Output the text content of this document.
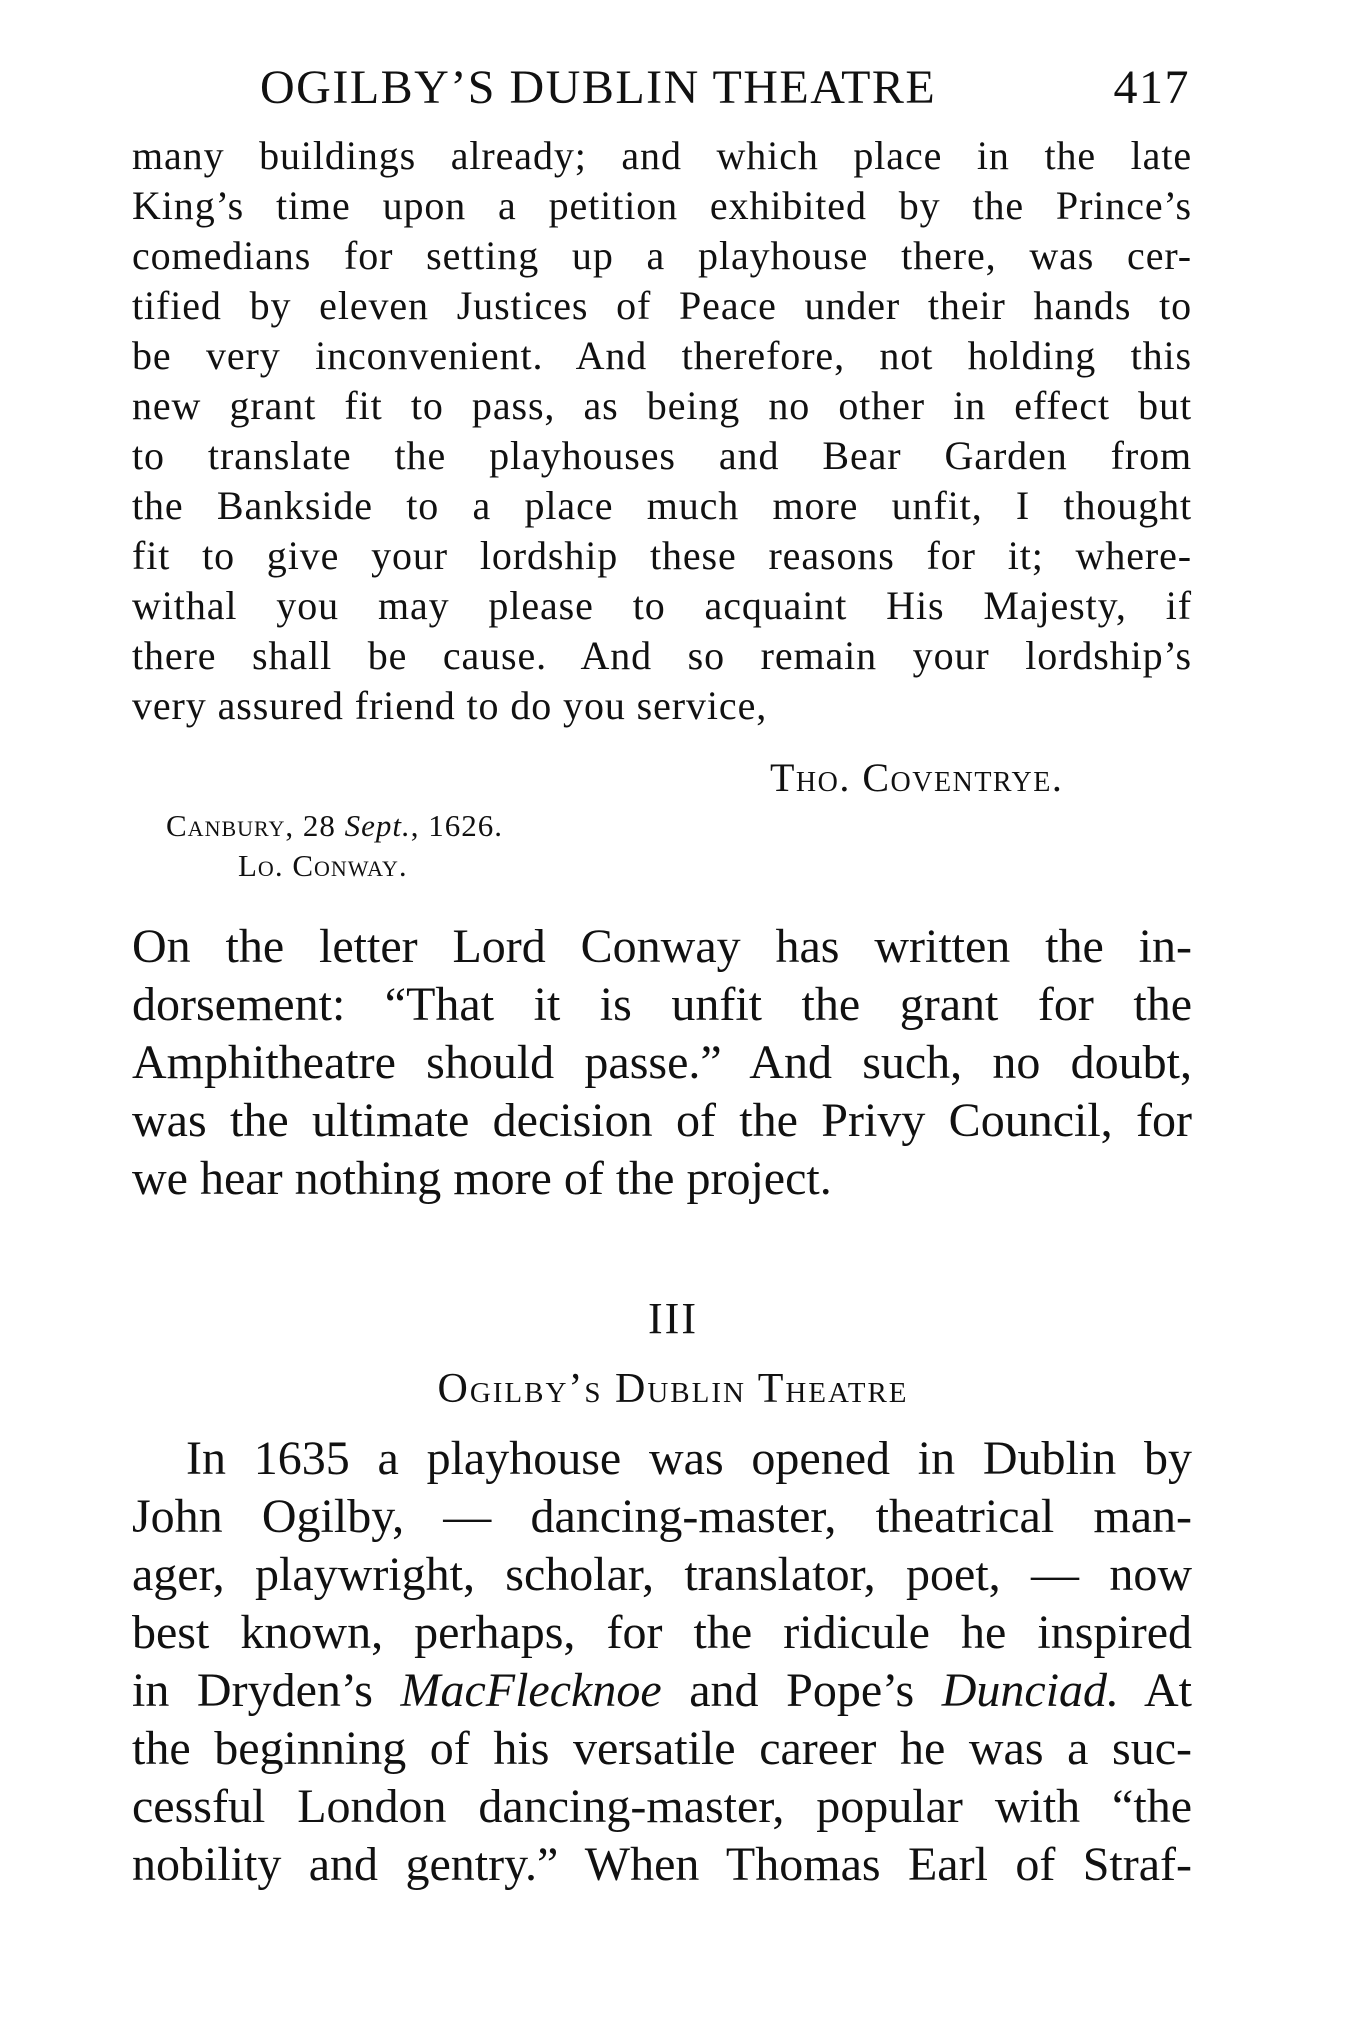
OGILBY’S DUBLIN THEATRE	417
many buildings already; and which place in the late
King’s time upon a petition exhibited by the Prince’s
comedians for setting up a playhouse there, was cer-
tified by eleven Justices of Peace under their hands to
be very inconvenient. And therefore, not holding this
new grant fit to pass, as being no other in effect but
to translate the playhouses and Bear Garden from
the Bankside to a place much more unfit, I thought
fit to give your lordship these reasons for it; where-
withal you may please to acquaint His Majesty, if
there shall be cause. And so remain your lordship’s
very assured friend to do you service,
Tho. Coventrye.
Canbury, 28 Sept., 1626.
Lo. Conway.
On the letter Lord Conway has written the in-
dorsement: “That it is unfit the grant for the
Amphitheatre should passe.” And such, no doubt,
was the ultimate decision of the Privy Council, for
we hear nothing more of the project.
III
Ogilby’s Dublin Theatre
In 1635 a playhouse was opened in Dublin by
John Ogilby, — dancing-master, theatrical man-
ager, playwright, scholar, translator, poet, — now
best known, perhaps, for the ridicule he inspired
in Dryden’s MacFlecknoe and Pope’s Dunciad. At
the beginning of his versatile career he was a suc-
cessful London dancing-master, popular with “the
nobility and gentry.” When Thomas Earl of Straf-
